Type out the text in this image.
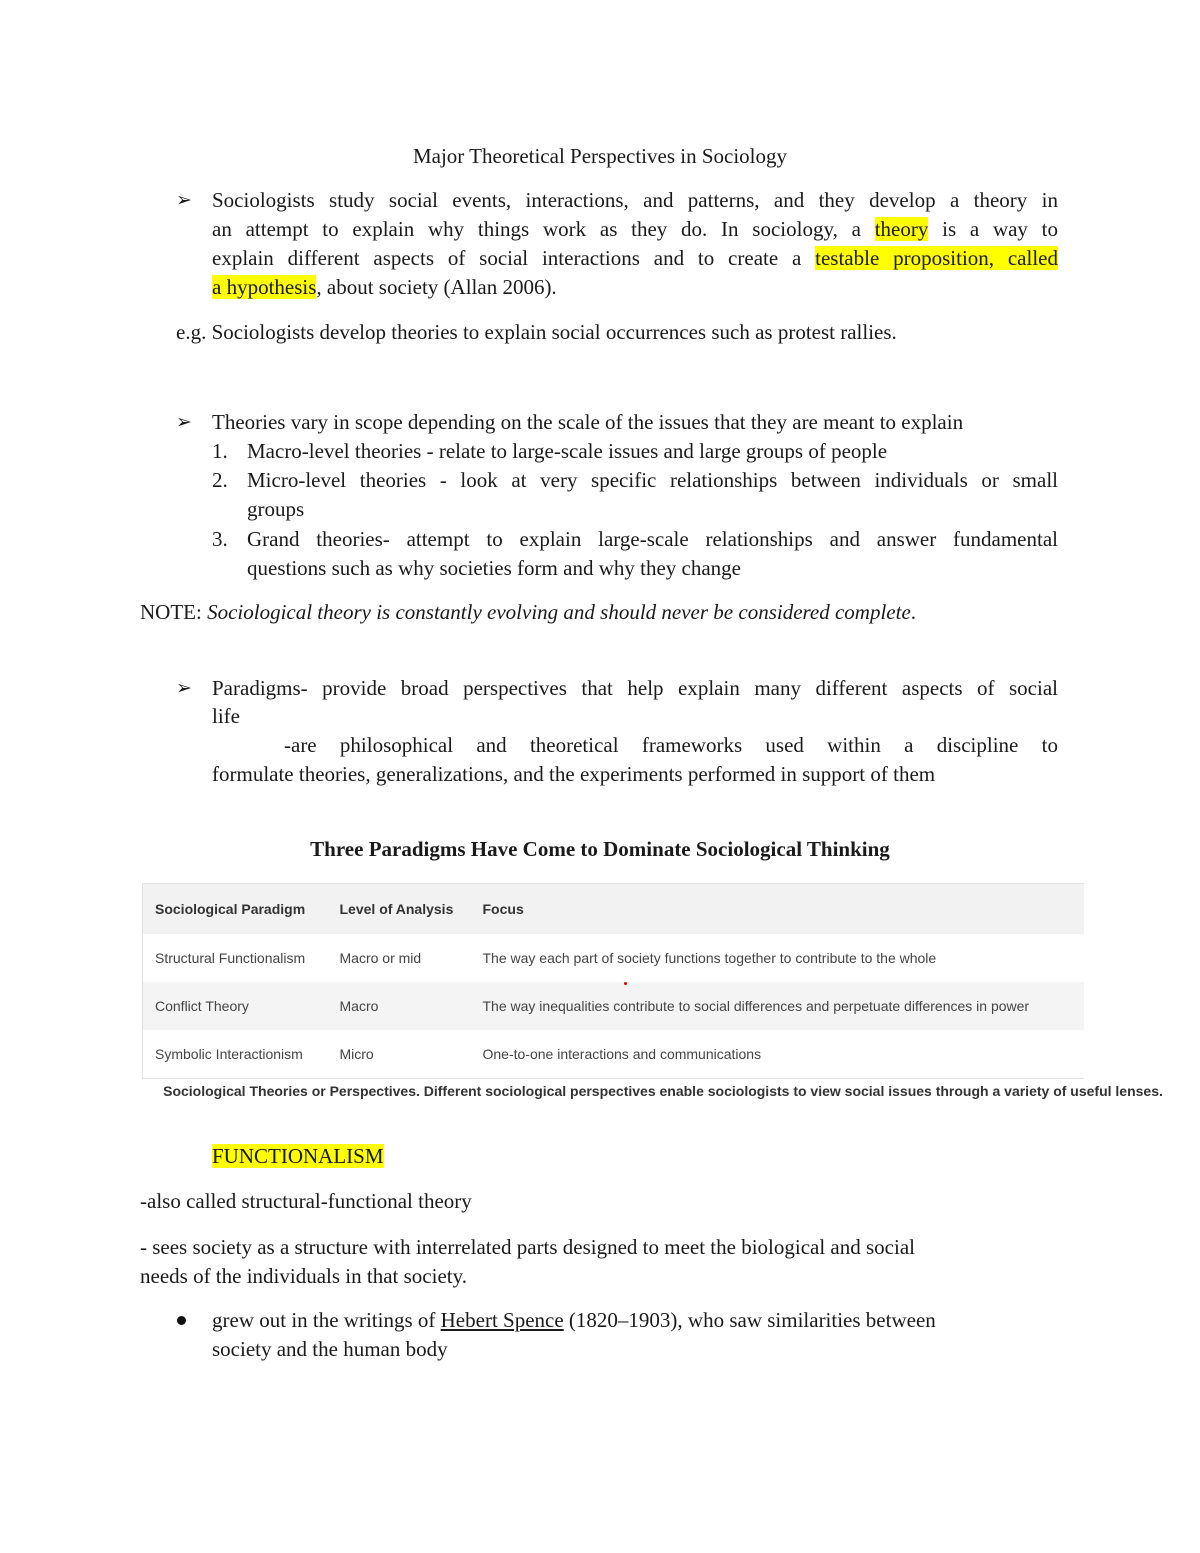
Major Theoretical Perspectives in Sociology
➢ Sociologists study social events, interactions, and patterns, and they develop a theory in
an attempt to explain why things work as they do. In sociology, a theory is a way to
explain different aspects of social interactions and to create a testable proposition, called
a hypothesis, about society (Allan 2006).
e.g. Sociologists develop theories to explain social occurrences such as protest rallies.
➢ Theories vary in scope depending on the scale of the issues that they are meant to explain
1. Macro-level theories - relate to large-scale issues and large groups of people
2. Micro-level theories - look at very specific relationships between individuals or small
groups
3. Grand theories- attempt to explain large-scale relationships and answer fundamental
questions such as why societies form and why they change
NOTE: Sociological theory is constantly evolving and should never be considered complete.
➢ Paradigms- provide broad perspectives that help explain many different aspects of social
life
-are philosophical and theoretical frameworks used within a discipline to
formulate theories, generalizations, and the experiments performed in support of them
Three Paradigms Have Come to Dominate Sociological Thinking
Sociological Paradigm	Level of Analysis	Focus
Structural Functionalism	Macro or mid	The way each part of society functions together to contribute to the whole
Conflict Theory	Macro	The way inequalities contribute to social differences and perpetuate differences in power
Symbolic Interactionism	Micro	One-to-one interactions and communications
Sociological Theories or Perspectives. Different sociological perspectives enable sociologists to view social issues through a variety of useful lenses.
FUNCTIONALISM
-also called structural-functional theory
- sees society as a structure with interrelated parts designed to meet the biological and social
needs of the individuals in that society.
grew out in the writings of Hebert Spence (1820–1903), who saw similarities between
society and the human body
